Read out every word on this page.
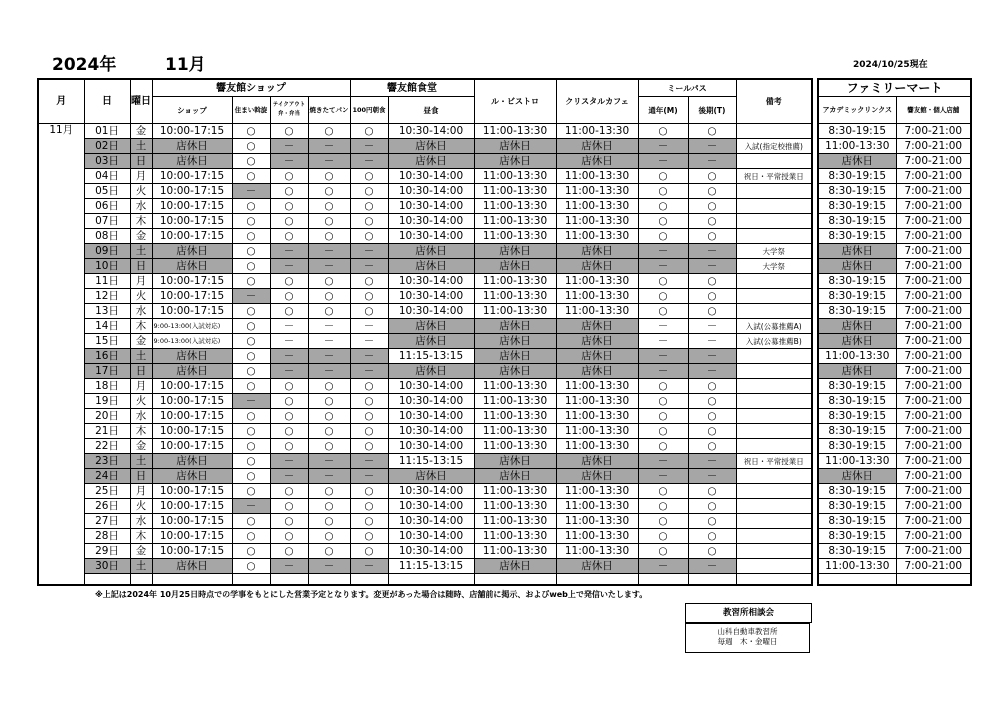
2024年	11月	2024/10/25現在
月	日	曜日	響友館ショップ				響友館食堂		ル・ビストロ	クリスタルカフェ	ミールパス		備考
			ショップ	住まい斡旋	テイクアウト弁・弁当	焼きたてパン	100円朝食	昼食			通年(M)	後期(T)	
11月	01日	金	10:00-17:15	○	○	○	○	10:30-14:00	11:00-13:30	11:00-13:30	○	○	
	02日	土	店休日	○	－	－	－	店休日	店休日	店休日	－	－	入試(指定校推薦)
	03日	日	店休日	○	－	－	－	店休日	店休日	店休日	－	－	
	04日	月	10:00-17:15	○	○	○	○	10:30-14:00	11:00-13:30	11:00-13:30	○	○	祝日・平常授業日
	05日	火	10:00-17:15	－	○	○	○	10:30-14:00	11:00-13:30	11:00-13:30	○	○	
	06日	水	10:00-17:15	○	○	○	○	10:30-14:00	11:00-13:30	11:00-13:30	○	○	
	07日	木	10:00-17:15	○	○	○	○	10:30-14:00	11:00-13:30	11:00-13:30	○	○	
	08日	金	10:00-17:15	○	○	○	○	10:30-14:00	11:00-13:30	11:00-13:30	○	○	
	09日	土	店休日	○	－	－	－	店休日	店休日	店休日	－	－	大学祭
	10日	日	店休日	○	－	－	－	店休日	店休日	店休日	－	－	大学祭
	11日	月	10:00-17:15	○	○	○	○	10:30-14:00	11:00-13:30	11:00-13:30	○	○	
	12日	火	10:00-17:15	－	○	○	○	10:30-14:00	11:00-13:30	11:00-13:30	○	○	
	13日	水	10:00-17:15	○	○	○	○	10:30-14:00	11:00-13:30	11:00-13:30	○	○	
	14日	木	9:00-13:00(入試対応)	○	－	－	－	店休日	店休日	店休日	－	－	入試(公募推薦A)
	15日	金	9:00-13:00(入試対応)	○	－	－	－	店休日	店休日	店休日	－	－	入試(公募推薦B)
	16日	土	店休日	○	－	－	－	11:15-13:15	店休日	店休日	－	－	
	17日	日	店休日	○	－	－	－	店休日	店休日	店休日	－	－	
	18日	月	10:00-17:15	○	○	○	○	10:30-14:00	11:00-13:30	11:00-13:30	○	○	
	19日	火	10:00-17:15	－	○	○	○	10:30-14:00	11:00-13:30	11:00-13:30	○	○	
	20日	水	10:00-17:15	○	○	○	○	10:30-14:00	11:00-13:30	11:00-13:30	○	○	
	21日	木	10:00-17:15	○	○	○	○	10:30-14:00	11:00-13:30	11:00-13:30	○	○	
	22日	金	10:00-17:15	○	○	○	○	10:30-14:00	11:00-13:30	11:00-13:30	○	○	
	23日	土	店休日	○	－	－	－	11:15-13:15	店休日	店休日	－	－	祝日・平常授業日
	24日	日	店休日	○	－	－	－	店休日	店休日	店休日	－	－	
	25日	月	10:00-17:15	○	○	○	○	10:30-14:00	11:00-13:30	11:00-13:30	○	○	
	26日	火	10:00-17:15	－	○	○	○	10:30-14:00	11:00-13:30	11:00-13:30	○	○	
	27日	水	10:00-17:15	○	○	○	○	10:30-14:00	11:00-13:30	11:00-13:30	○	○	
	28日	木	10:00-17:15	○	○	○	○	10:30-14:00	11:00-13:30	11:00-13:30	○	○	
	29日	金	10:00-17:15	○	○	○	○	10:30-14:00	11:00-13:30	11:00-13:30	○	○	
	30日	土	店休日	○	－	－	－	11:15-13:15	店休日	店休日	－	－	

ファミリーマート	
アカデミックリンクス	響友館・個人店舗
8:30-19:15	7:00-21:00
11:00-13:30	7:00-21:00
店休日	7:00-21:00
8:30-19:15	7:00-21:00
8:30-19:15	7:00-21:00
8:30-19:15	7:00-21:00
8:30-19:15	7:00-21:00
8:30-19:15	7:00-21:00
店休日	7:00-21:00
店休日	7:00-21:00
8:30-19:15	7:00-21:00
8:30-19:15	7:00-21:00
8:30-19:15	7:00-21:00
店休日	7:00-21:00
店休日	7:00-21:00
11:00-13:30	7:00-21:00
店休日	7:00-21:00
8:30-19:15	7:00-21:00
8:30-19:15	7:00-21:00
8:30-19:15	7:00-21:00
8:30-19:15	7:00-21:00
8:30-19:15	7:00-21:00
11:00-13:30	7:00-21:00
店休日	7:00-21:00
8:30-19:15	7:00-21:00
8:30-19:15	7:00-21:00
8:30-19:15	7:00-21:00
8:30-19:15	7:00-21:00
8:30-19:15	7:00-21:00
11:00-13:30	7:00-21:00

※上記は2024年 10月25日時点での学事をもとにした営業予定となります。変更があった場合は随時、店舗前に掲示、およびweb上で発信いたします。
教習所相談会
山科自動車教習所
毎週　木・金曜日
